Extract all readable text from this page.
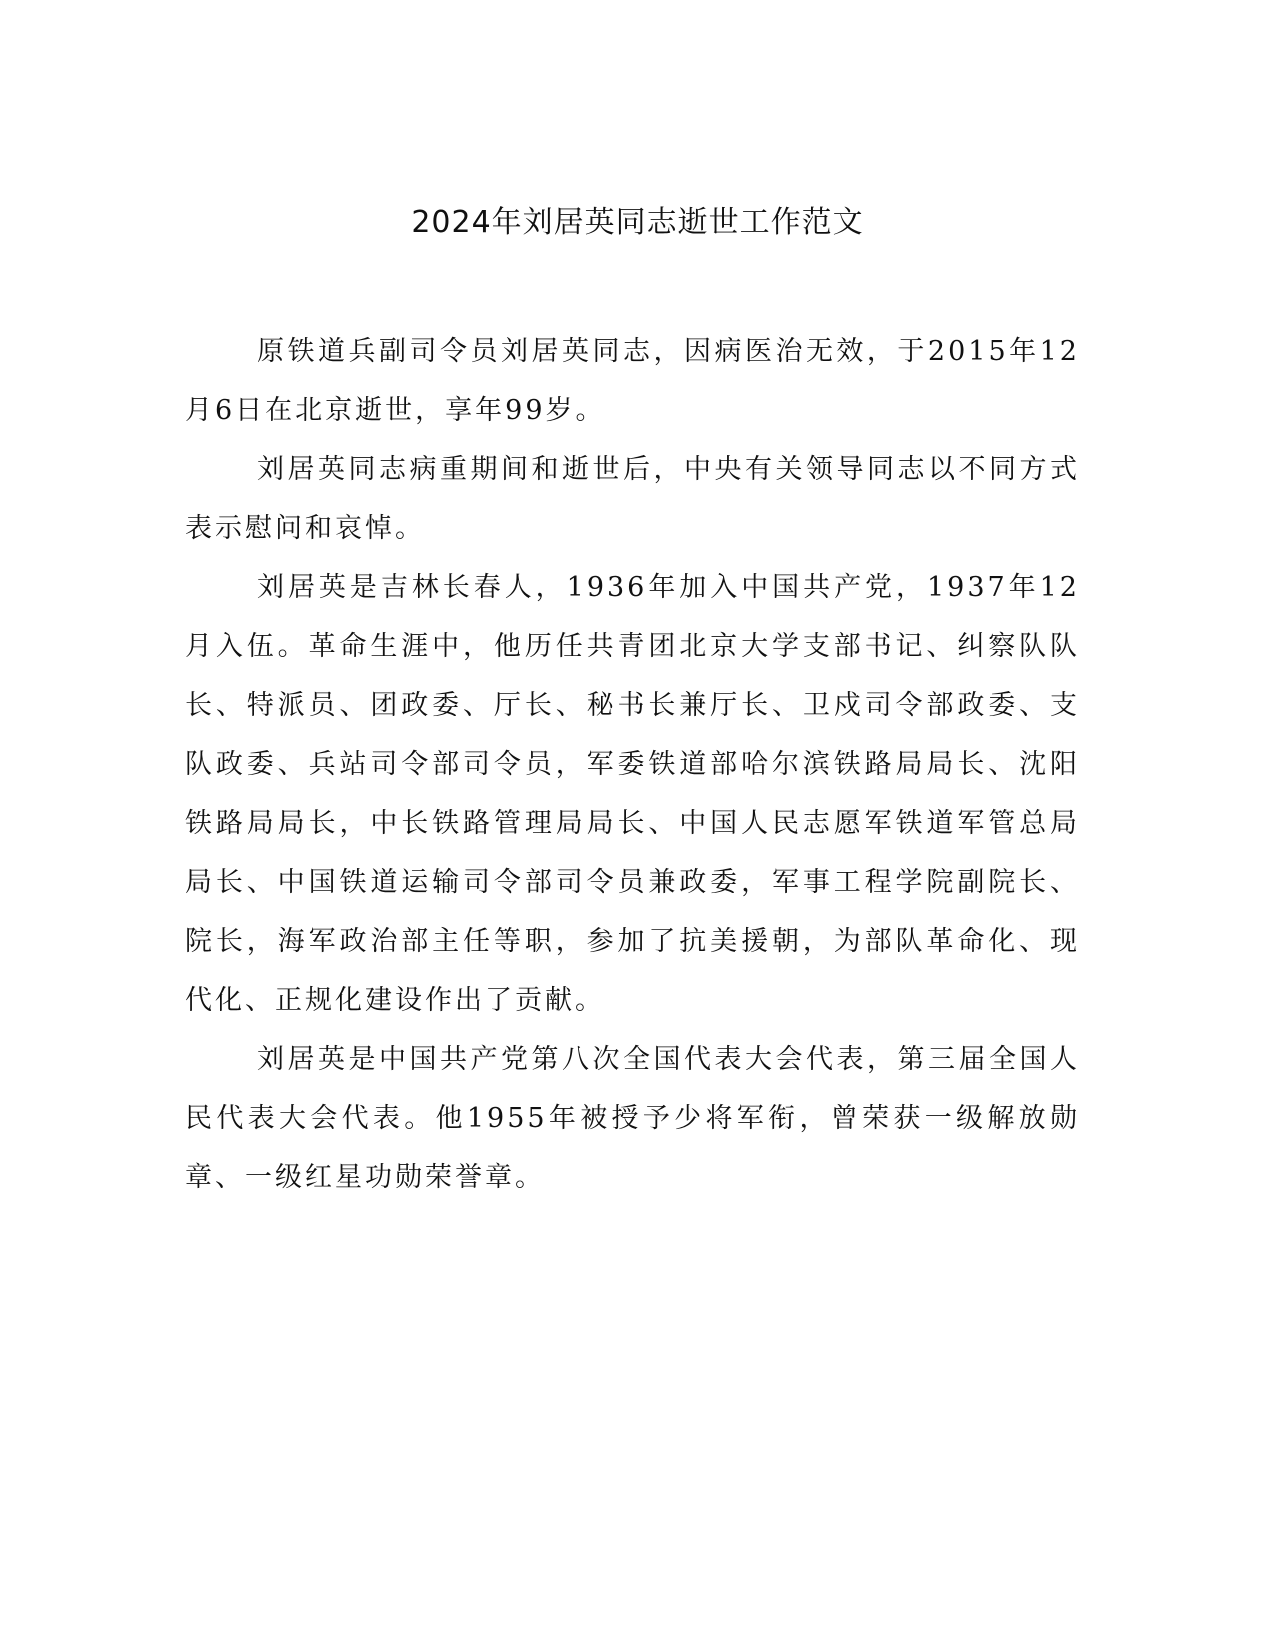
2024年刘居英同志逝世工作范文

原铁道兵副司令员刘居英同志，因病医治无效，于2015年12月6日在北京逝世，享年99岁。

刘居英同志病重期间和逝世后，中央有关领导同志以不同方式表示慰问和哀悼。

刘居英是吉林长春人，1936年加入中国共产党，1937年12月入伍。革命生涯中，他历任共青团北京大学支部书记、纠察队队长、特派员、团政委、厅长、秘书长兼厅长、卫戍司令部政委、支队政委、兵站司令部司令员，军委铁道部哈尔滨铁路局局长、沈阳铁路局局长，中长铁路管理局局长、中国人民志愿军铁道军管总局局长、中国铁道运输司令部司令员兼政委，军事工程学院副院长、院长，海军政治部主任等职，参加了抗美援朝，为部队革命化、现代化、正规化建设作出了贡献。

刘居英是中国共产党第八次全国代表大会代表，第三届全国人民代表大会代表。他1955年被授予少将军衔，曾荣获一级解放勋章、一级红星功勋荣誉章。
